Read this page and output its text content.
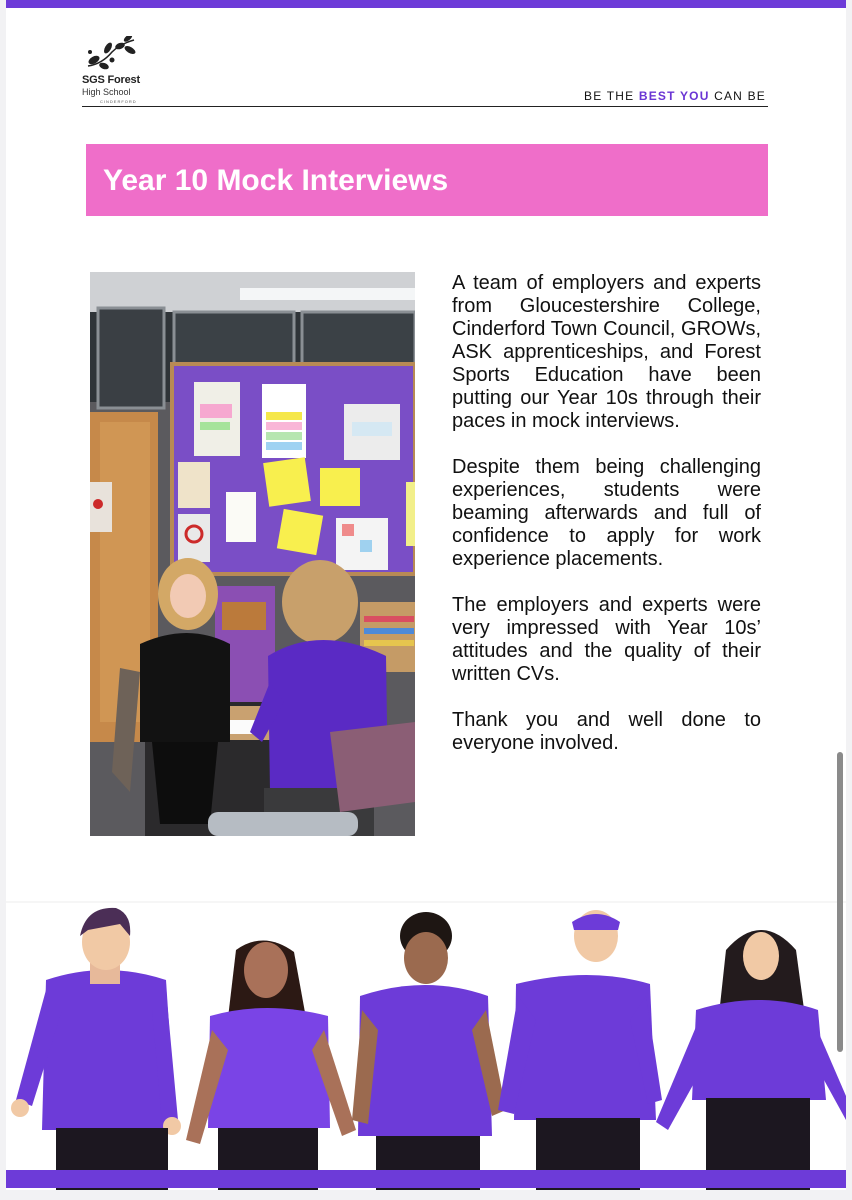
SGS Forest
High School
CINDERFORD	BE THE BEST YOU CAN BE
Year 10 Mock Interviews

A team of employers and experts from Gloucestershire College, Cinderford Town Council, GROWs, ASK apprenticeships, and Forest Sports Education have been putting our Year 10s through their paces in mock interviews.

Despite them being challenging experiences, students were beaming afterwards and full of confidence to apply for work experience placements.

The employers and experts were very impressed with Year 10s’ attitudes and the quality of their written CVs.

Thank you and well done to everyone involved.
